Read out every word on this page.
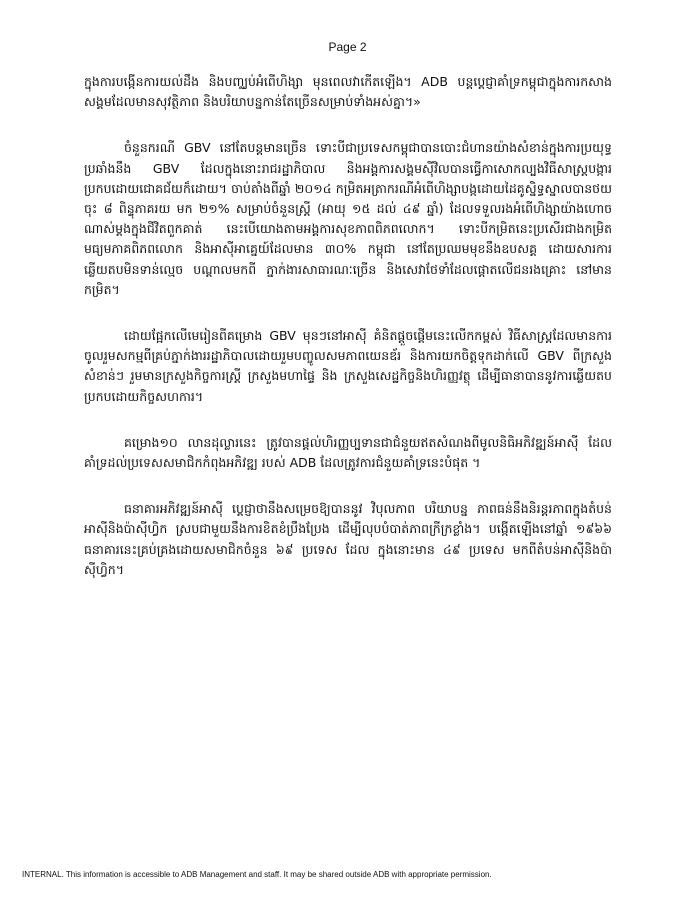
Page 2

ក្នុងការបង្កើនការយល់ដឹង និងបញ្ឈប់អំពើហិង្សា មុនពេលវាកើតឡើង។ ADB បន្តប្តេជ្ញាគាំទ្រកម្ពុជាក្នុងការកសាងសង្គមដែលមានសុវត្ថិភាព និងបរិយាបន្នកាន់តែច្រើនសម្រាប់ទាំងអស់គ្នា។»

ចំនួនករណី GBV នៅតែបន្តមានច្រើន ទោះបីជាប្រទេសកម្ពុជាបានបោះជំហានយ៉ាងសំខាន់ក្នុងការប្រយុទ្ធប្រឆាំងនឹង GBV ដែលក្នុងនោះរាជរដ្ឋាភិបាល និងអង្គការសង្គមស៊ីវិលបានធ្វើកាសោកល្បងវិធីសាស្ត្របង្ការប្រកបដោយជោគជ័យក៏ដោយ។ ចាប់តាំងពីឆ្នាំ ២០១៤ កម្រិតអត្រាករណីអំពើហិង្សាបង្កដោយដៃគូស្និទ្ធស្នាលបានថយចុះ ៨ ពិន្ទុភាគរយ មក ២១% សម្រាប់ចំនួនស្ត្រី (អាយុ ១៥ ដល់ ៤៩ ឆ្នាំ) ដែលទទួលរងអំពើហិង្សាយ៉ាងហោចណាស់ម្តងក្នុងជីវិតពួកគាត់ នេះបើយោងតាមអង្គការសុខភាពពិភពលោក។ ទោះបីកម្រិតនេះប្រសើរជាងកម្រិតមធ្យមភាគពិភពលោក និងអាស៊ីអាគ្នេយ៍ដែលមាន ៣០% កម្ពុជា នៅតែប្រឈមមុខនឹងឧបសគ្គ ដោយសារការឆ្លើយតបមិនទាន់ល្មេច បណ្តាលមកពី ភ្នាក់ងារសាធារណៈច្រើន និងសេវាថែទាំដែលផ្តោតលើជនរងគ្រោះ នៅមានកម្រិត។

ដោយផ្អែកលើមេរៀនពីគម្រោង GBV មុនៗនៅអាស៊ី គំនិតផ្តួចផ្តើមនេះលើកកម្ពស់ វិធីសាស្ត្រដែលមានការចូលរួមសកម្មពីគ្រប់ភ្នាក់ងាររដ្ឋាភិបាលដោយរួមបញ្ចូលសមភាពយេនឌ័រ និងការយកចិត្តទុកដាក់លើ GBV ពីក្រសួងសំខាន់ៗ រួមមានក្រសួងកិច្ចការស្ត្រី ក្រសួងមហាផ្ទៃ និង ក្រសួងសេដ្ឋកិច្ចនិងហិរញ្ញវត្ថុ ដើម្បីធានាបាននូវការឆ្លើយតបប្រកបដោយកិច្ចសហការ។

គម្រោង១០ លានដុល្លារនេះ ត្រូវបានផ្តល់ហិរញ្ញប្បទានជាជំនួយឥតសំណងពីមូលនិធិអភិវឌ្ឍន៍អាស៊ី ដែលគាំទ្រដល់ប្រទេសសមាជិកកំពុងអភិវឌ្ឍ របស់ ADB ដែលត្រូវការជំនួយគាំទ្រនេះបំផុត ។

ធនាគារអភិវឌ្ឍន៍អាស៊ី ប្តេជ្ញាថានឹងសម្រេចឱ្យបាននូវ វិបុលភាព បរិយាបន្ន ភាពធន់នឹងនិរន្តរភាពក្នុងតំបន់អាស៊ីនិងប៉ាស៊ីហ្វិក ស្របជាមួយនឹងការខិតខំប្រឹងប្រែង ដើម្បីលុបបំបាត់ភាពក្រីក្រខ្លាំង។ បង្កើតឡើងនៅឆ្នាំ ១៩៦៦ ធនាគារនេះគ្រប់គ្រងដោយសមាជិកចំនួន ៦៩ ប្រទេស ដែល ក្នុងនោះមាន ៤៩ ប្រទេស មកពីតំបន់អាស៊ីនិងប៉ាស៊ីហ្វិក។

INTERNAL. This information is accessible to ADB Management and staff. It may be shared outside ADB with appropriate permission.
